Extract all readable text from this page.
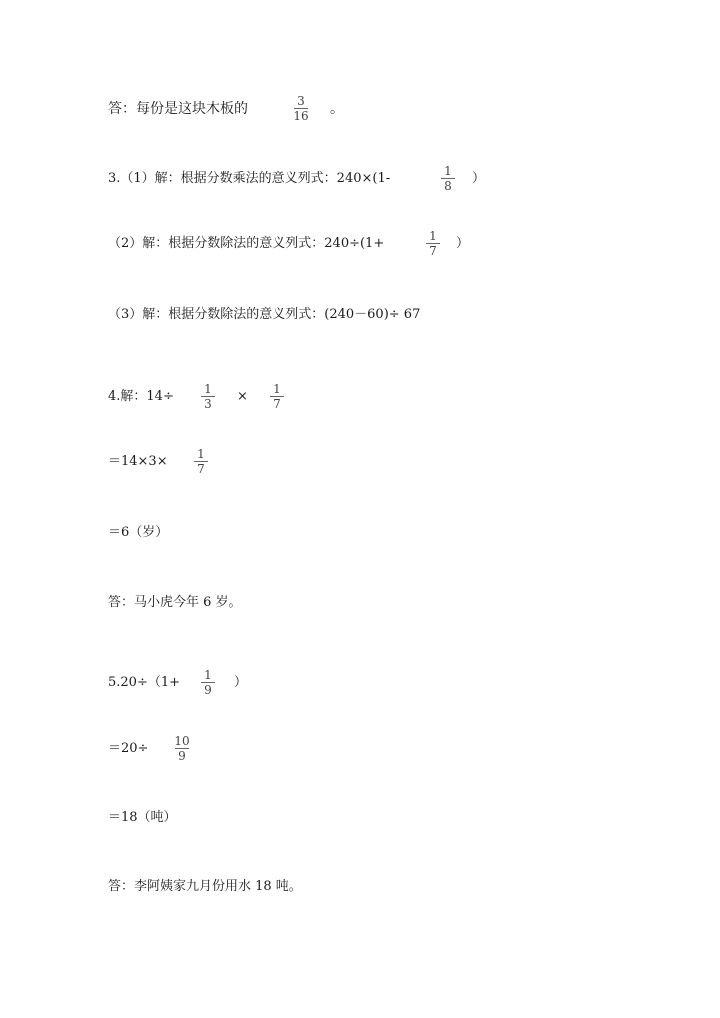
答：每份是这块木板的	3
16 。
3.（1）解：根据分数乘法的意义列式：240×(1-	1
8	）
（2）解：根据分数除法的意义列式：240÷(1+	1
7	）
（3）解：根据分数除法的意义列式：(240－60)÷ 67
4.解：14÷	1
3	×	1
7
＝14×3×	1
7
＝6（岁）
答：马小虎今年 6 岁。
5.20÷（1+	1
9	）
＝20÷ 10
9
＝18（吨）
答：李阿姨家九月份用水 18 吨。
